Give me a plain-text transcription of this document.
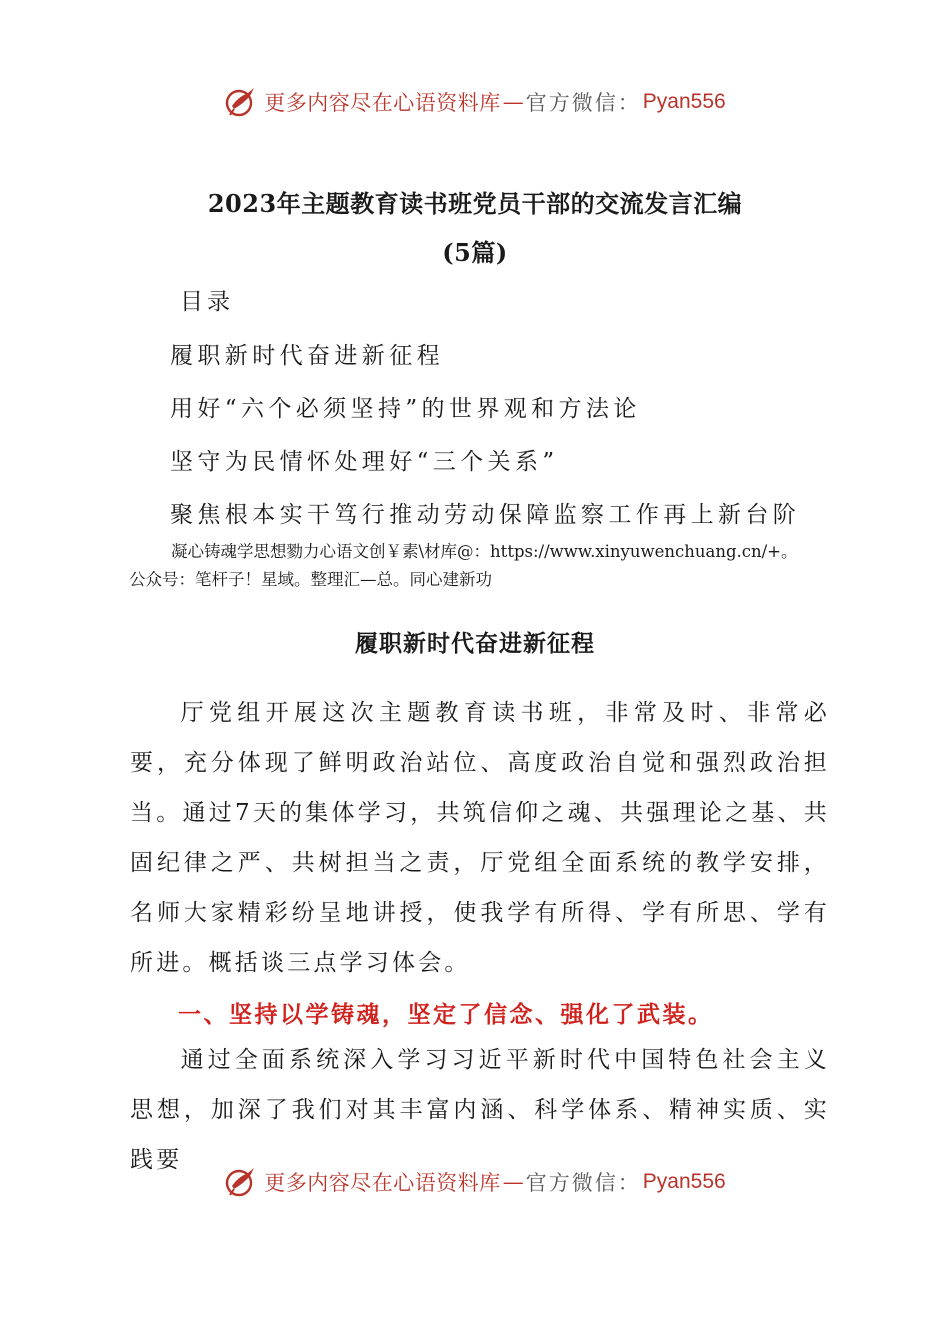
更多内容尽在心语资料库 — 官方微信： Pyan556
2023年主题教育读书班党员干部的交流发言汇编
(5篇)
目录
履职新时代奋进新征程
用好“六个必须坚持”的世界观和方法论
坚守为民情怀处理好“三个关系”
聚焦根本实干笃行推动劳动保障监察工作再上新台阶
凝心铸魂学思想勠力心语文创￥素\材库@：https://www.xinyuwenchuang.cn/+。
公众号：笔杆子！星域。整理汇—总。同心建新功
履职新时代奋进新征程

厅党组开展这次主题教育读书班，非常及时、非常必要，充分体现了鲜明政治站位、高度政治自觉和强烈政治担当。通过7天的集体学习，共筑信仰之魂、共强理论之基、共固纪律之严、共树担当之责，厅党组全面系统的教学安排，名师大家精彩纷呈地讲授，使我学有所得、学有所思、学有所进。概括谈三点学习体会。

一、坚持以学铸魂，坚定了信念、强化了武装。

通过全面系统深入学习习近平新时代中国特色社会主义思想，加深了我们对其丰富内涵、科学体系、精神实质、实践要

更多内容尽在心语资料库 — 官方微信： Pyan556
